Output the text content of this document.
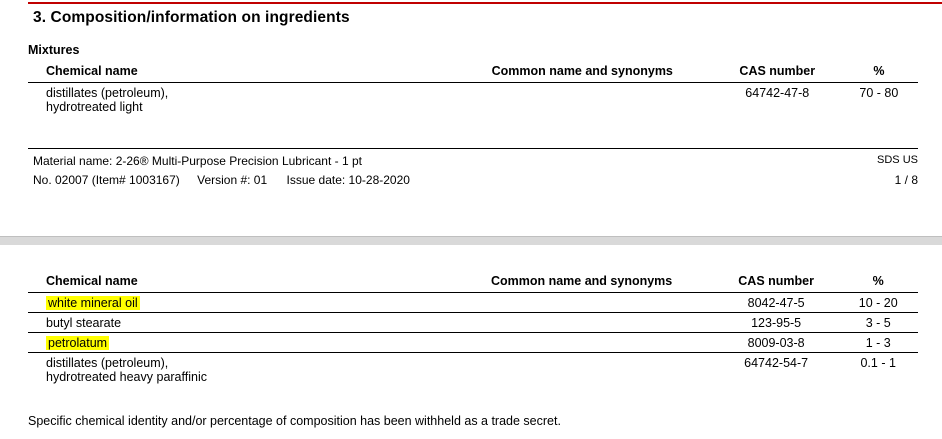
3. Composition/information on ingredients
Mixtures
Chemical name	Common name and synonyms	CAS number	%
distillates (petroleum), hydrotreated light		64742-47-8	70 - 80
Material name: 2-26® Multi-Purpose Precision Lubricant - 1 pt	SDS US
No. 02007 (Item# 1003167) Version #: 01 Issue date: 10-28-2020	1 / 8
Chemical name	Common name and synonyms	CAS number	%
white mineral oil		8042-47-5	10 - 20
butyl stearate		123-95-5	3 - 5
petrolatum		8009-03-8	1 - 3
distillates (petroleum), hydrotreated heavy paraffinic		64742-54-7	0.1 - 1
Specific chemical identity and/or percentage of composition has been withheld as a trade secret.
